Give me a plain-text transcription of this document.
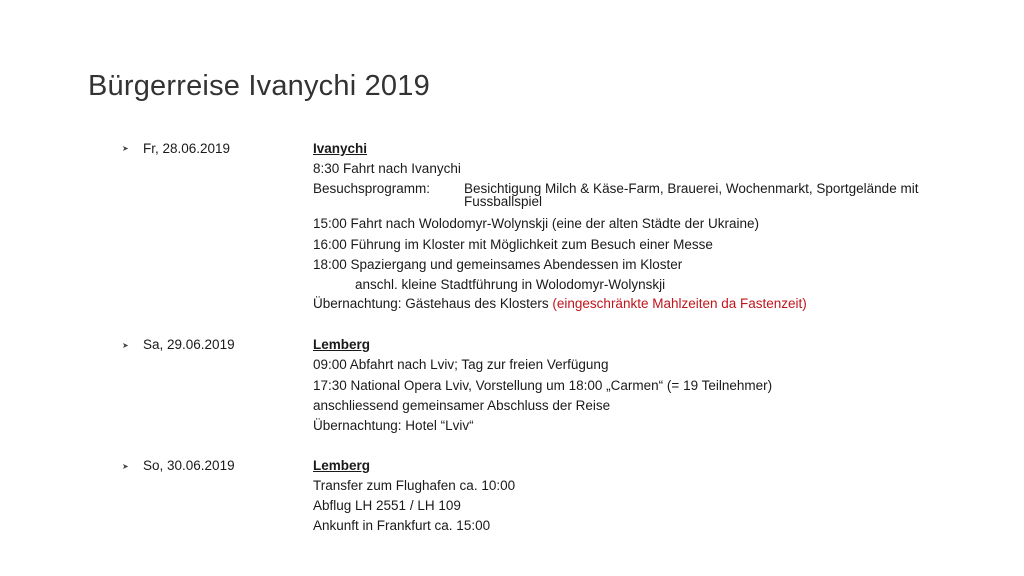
Bürgerreise Ivanychi 2019
➤ Fr, 28.06.2019	Ivanychi
8:30 Fahrt nach Ivanychi
Besuchsprogramm:	Besichtigung Milch & Käse-Farm, Brauerei, Wochenmarkt, Sportgelände mit Fussballspiel
15:00 Fahrt nach Wolodomyr-Wolynskji (eine der alten Städte der Ukraine)
16:00 Führung im Kloster mit Möglichkeit zum Besuch einer Messe
18:00 Spaziergang und gemeinsames Abendessen im Kloster
anschl. kleine Stadtführung in Wolodomyr-Wolynskji
Übernachtung: Gästehaus des Klosters (eingeschränkte Mahlzeiten da Fastenzeit)
➤ Sa, 29.06.2019	Lemberg
09:00 Abfahrt nach Lviv; Tag zur freien Verfügung
17:30 National Opera Lviv, Vorstellung um 18:00 „Carmen“ (= 19 Teilnehmer)
anschliessend gemeinsamer Abschluss der Reise
Übernachtung: Hotel “Lviv“
➤ So, 30.06.2019	Lemberg
Transfer zum Flughafen ca. 10:00
Abflug LH 2551 / LH 109
Ankunft in Frankfurt ca. 15:00
